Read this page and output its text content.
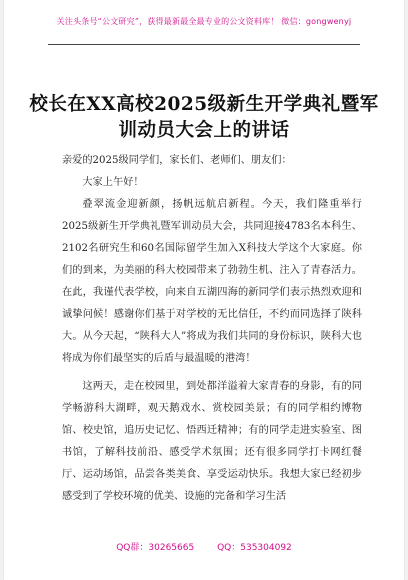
关注头条号“公文研究”，获得最新最全最专业的公文资料库！ 微信：gongwenyj
校长在XX高校2025级新生开学典礼暨军
训动员大会上的讲话

亲爱的2025级同学们，家长们、老师们、朋友们：

大家上午好！

叠翠流金迎新颜，扬帆远航启新程。今天，我们隆重举行2025级新生开学典礼暨军训动员大会，共同迎接4783名本科生、2102名研究生和60名国际留学生加入X科技大学这个大家庭。你们的到来，为美丽的科大校园带来了勃勃生机、注入了青春活力。在此，我谨代表学校，向来自五湖四海的新同学们表示热烈欢迎和诚挚问候！感谢你们基于对学校的无比信任，不约而同选择了陕科大。从今天起，“陕科大人”将成为我们共同的身份标识，陕科大也将成为你们最坚实的后盾与最温暖的港湾！

这两天，走在校园里，到处都洋溢着大家青春的身影，有的同学畅游科大湖畔，观天鹅戏水、赏校园美景；有的同学相约博物馆、校史馆，追历史记忆、悟西迁精神；有的同学走进实验室、图书馆，了解科技前沿、感受学术氛围；还有很多同学打卡网红餐厅、运动场馆，品尝各类美食、享受运动快乐。我想大家已经初步感受到了学校环境的优美、设施的完备和学习生活

QQ群：30265665	QQ：535304092
